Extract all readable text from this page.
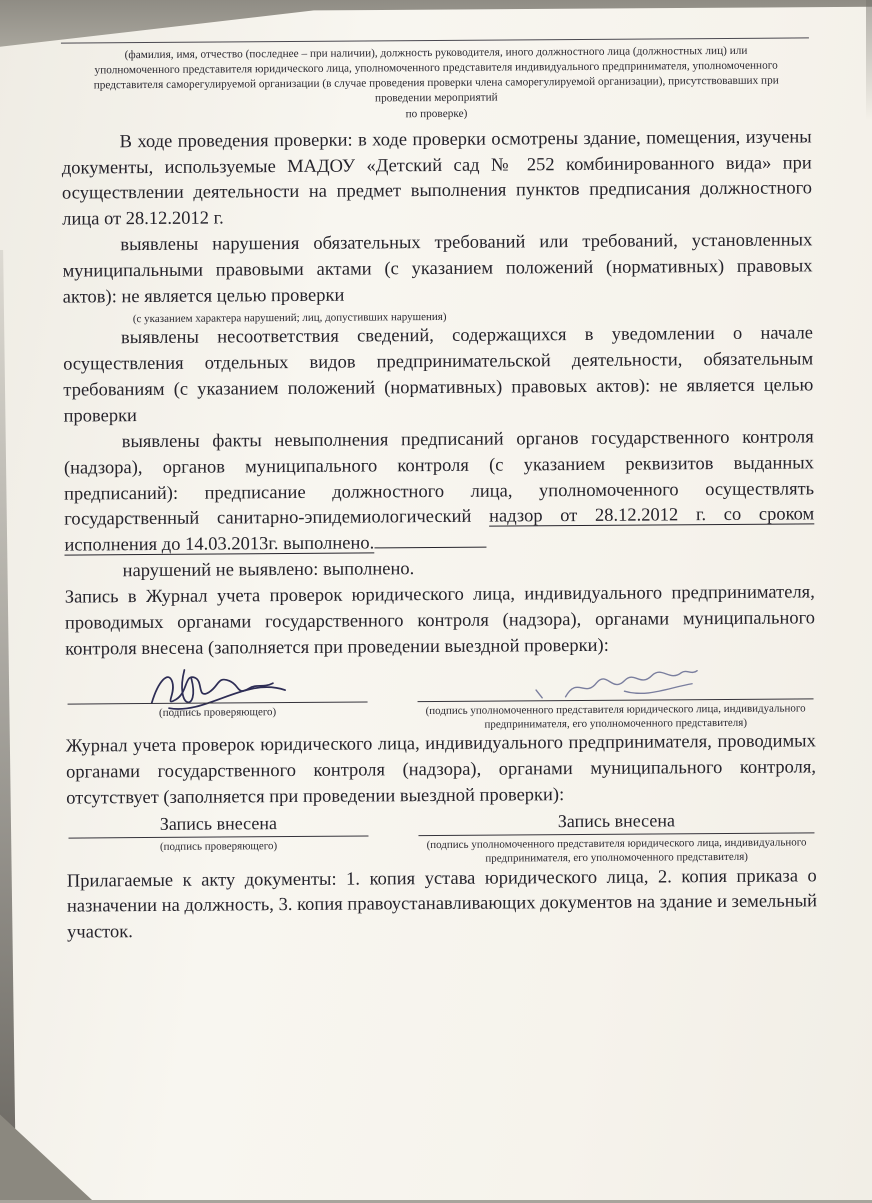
(фамилия, имя, отчество (последнее – при наличии), должность руководителя, иного должностного лица (должностных лиц) или уполномоченного представителя юридического лица, уполномоченного представителя индивидуального предпринимателя, уполномоченного представителя саморегулируемой организации (в случае проведения проверки члена саморегулируемой организации), присутствовавших при проведении мероприятий
по проверке)

В ходе проведения проверки: в ходе проверки осмотрены здание, помещения, изучены документы, используемые МАДОУ «Детский сад № 252 комбинированного вида» при осуществлении деятельности на предмет выполнения пунктов предписания должностного лица от 28.12.2012 г.

выявлены нарушения обязательных требований или требований, установленных муниципальными правовыми актами (с указанием положений (нормативных) правовых актов): не является целью проверки

(с указанием характера нарушений; лиц, допустивших нарушения)

выявлены несоответствия сведений, содержащихся в уведомлении о начале осуществления отдельных видов предпринимательской деятельности, обязательным требованиям (с указанием положений (нормативных) правовых актов): не является целью проверки

выявлены факты невыполнения предписаний органов государственного контроля (надзора), органов муниципального контроля (с указанием реквизитов выданных предписаний): предписание должностного лица, уполномоченного осуществлять государственный санитарно-эпидемиологический надзор от 28.12.2012 г. со сроком исполнения до 14.03.2013г. выполнено.

нарушений не выявлено: выполнено.

Запись в Журнал учета проверок юридического лица, индивидуального предпринимателя, проводимых органами государственного контроля (надзора), органами муниципального контроля внесена (заполняется при проведении выездной проверки):

(подпись проверяющего)	(подпись уполномоченного представителя юридического лица, индивидуального предпринимателя, его уполномоченного представителя)

Журнал учета проверок юридического лица, индивидуального предпринимателя, проводимых органами государственного контроля (надзора), органами муниципального контроля, отсутствует (заполняется при проведении выездной проверки):

Запись внесена
(подпись проверяющего)
Запись внесена
(подпись уполномоченного представителя юридического лица, индивидуального предпринимателя, его уполномоченного представителя)

Прилагаемые к акту документы: 1. копия устава юридического лица, 2. копия приказа о назначении на должность, 3. копия правоустанавливающих документов на здание и земельный участок.
